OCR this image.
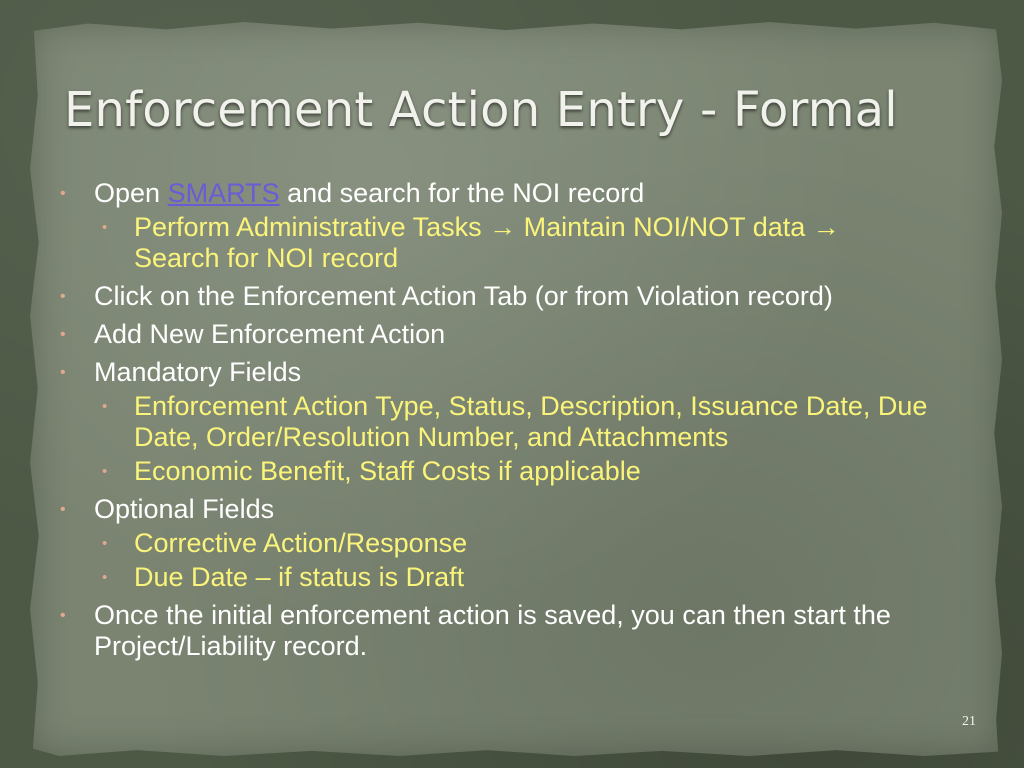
Enforcement Action Entry - Formal
• Open SMARTS and search for the NOI record
• Perform Administrative Tasks → Maintain NOI/NOT data →
Search for NOI record
• Click on the Enforcement Action Tab (or from Violation record)
• Add New Enforcement Action
• Mandatory Fields
• Enforcement Action Type, Status, Description, Issuance Date, Due Date, Order/Resolution Number, and Attachments
• Economic Benefit, Staff Costs if applicable
• Optional Fields
• Corrective Action/Response
• Due Date – if status is Draft
• Once the initial enforcement action is saved, you can then start the Project/Liability record.
21
